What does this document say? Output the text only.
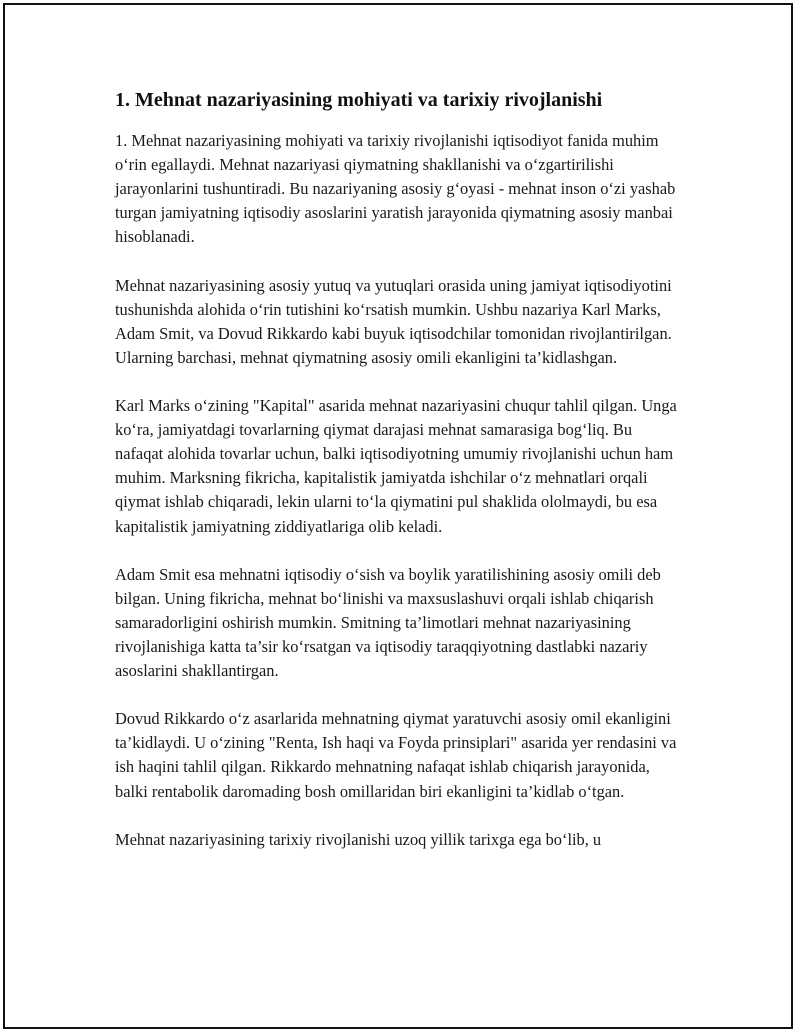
1. Mehnat nazariyasining mohiyati va tarixiy rivojlanishi

1. Mehnat nazariyasining mohiyati va tarixiy rivojlanishi iqtisodiyot fanida muhim o‘rin egallaydi. Mehnat nazariyasi qiymatning shakllanishi va o‘zgartirilishi jarayonlarini tushuntiradi. Bu nazariyaning asosiy g‘oyasi - mehnat inson o‘zi yashab turgan jamiyatning iqtisodiy asoslarini yaratish jarayonida qiymatning asosiy manbai hisoblanadi.

Mehnat nazariyasining asosiy yutuq va yutuqlari orasida uning jamiyat iqtisodiyotini tushunishda alohida o‘rin tutishini ko‘rsatish mumkin. Ushbu nazariya Karl Marks, Adam Smit, va Dovud Rikkardo kabi buyuk iqtisodchilar tomonidan rivojlantirilgan. Ularning barchasi, mehnat qiymatning asosiy omili ekanligini ta’kidlashgan.

Karl Marks o‘zining "Kapital" asarida mehnat nazariyasini chuqur tahlil qilgan. Unga ko‘ra, jamiyatdagi tovarlarning qiymat darajasi mehnat samarasiga bog‘liq. Bu nafaqat alohida tovarlar uchun, balki iqtisodiyotning umumiy rivojlanishi uchun ham muhim. Marksning fikricha, kapitalistik jamiyatda ishchilar o‘z mehnatlari orqali qiymat ishlab chiqaradi, lekin ularni to‘la qiymatini pul shaklida ololmaydi, bu esa kapitalistik jamiyatning ziddiyatlariga olib keladi.

Adam Smit esa mehnatni iqtisodiy o‘sish va boylik yaratilishining asosiy omili deb bilgan. Uning fikricha, mehnat bo‘linishi va maxsuslashuvi orqali ishlab chiqarish samaradorligini oshirish mumkin. Smitning ta’limotlari mehnat nazariyasining rivojlanishiga katta ta’sir ko‘rsatgan va iqtisodiy taraqqiyotning dastlabki nazariy asoslarini shakllantirgan.

Dovud Rikkardo o‘z asarlarida mehnatning qiymat yaratuvchi asosiy omil ekanligini ta’kidlaydi. U o‘zining "Renta, Ish haqi va Foyda prinsiplari" asarida yer rendasini va ish haqini tahlil qilgan. Rikkardo mehnatning nafaqat ishlab chiqarish jarayonida, balki rentabolik daromading bosh omillaridan biri ekanligini ta’kidlab o‘tgan.

Mehnat nazariyasining tarixiy rivojlanishi uzoq yillik tarixga ega bo‘lib, u
